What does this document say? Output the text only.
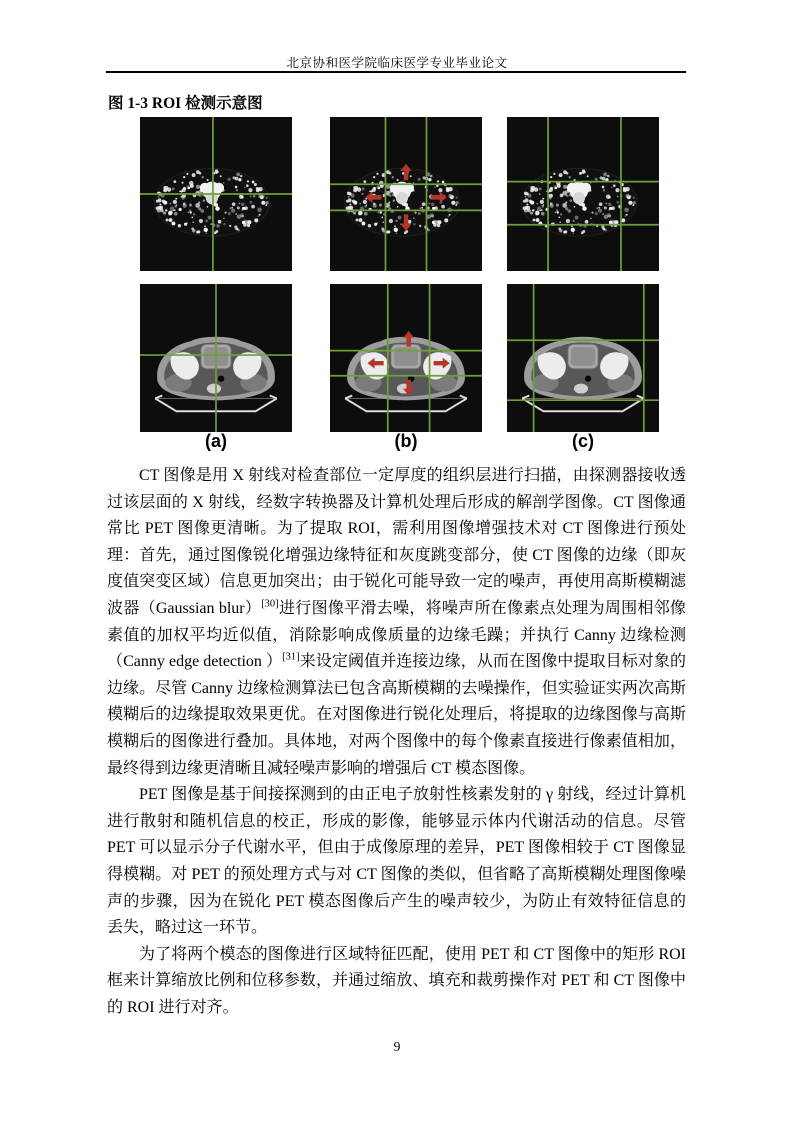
北京协和医学院临床医学专业毕业论文
图 1-3 ROI 检测示意图
(a)	(b)	(c)

CT 图像是用 X 射线对检查部位一定厚度的组织层进行扫描，由探测器接收透过该层面的 X 射线，经数字转换器及计算机处理后形成的解剖学图像。CT 图像通常比 PET 图像更清晰。为了提取 ROI，需利用图像增强技术对 CT 图像进行预处理：首先，通过图像锐化增强边缘特征和灰度跳变部分，使 CT 图像的边缘（即灰度值突变区域）信息更加突出；由于锐化可能导致一定的噪声，再使用高斯模糊滤波器（Gaussian blur）[30]进行图像平滑去噪，将噪声所在像素点处理为周围相邻像素值的加权平均近似值，消除影响成像质量的边缘毛躁；并执行 Canny 边缘检测（Canny edge detection ）[31]来设定阈值并连接边缘，从而在图像中提取目标对象的边缘。尽管 Canny 边缘检测算法已包含高斯模糊的去噪操作，但实验证实两次高斯模糊后的边缘提取效果更优。在对图像进行锐化处理后，将提取的边缘图像与高斯模糊后的图像进行叠加。具体地，对两个图像中的每个像素直接进行像素值相加，最终得到边缘更清晰且减轻噪声影响的增强后 CT 模态图像。

PET 图像是基于间接探测到的由正电子放射性核素发射的 γ 射线，经过计算机进行散射和随机信息的校正，形成的影像，能够显示体内代谢活动的信息。尽管 PET 可以显示分子代谢水平，但由于成像原理的差异，PET 图像相较于 CT 图像显得模糊。对 PET 的预处理方式与对 CT 图像的类似，但省略了高斯模糊处理图像噪声的步骤，因为在锐化 PET 模态图像后产生的噪声较少，为防止有效特征信息的丢失，略过这一环节。

为了将两个模态的图像进行区域特征匹配，使用 PET 和 CT 图像中的矩形 ROI 框来计算缩放比例和位移参数，并通过缩放、填充和裁剪操作对 PET 和 CT 图像中的 ROI 进行对齐。

9
